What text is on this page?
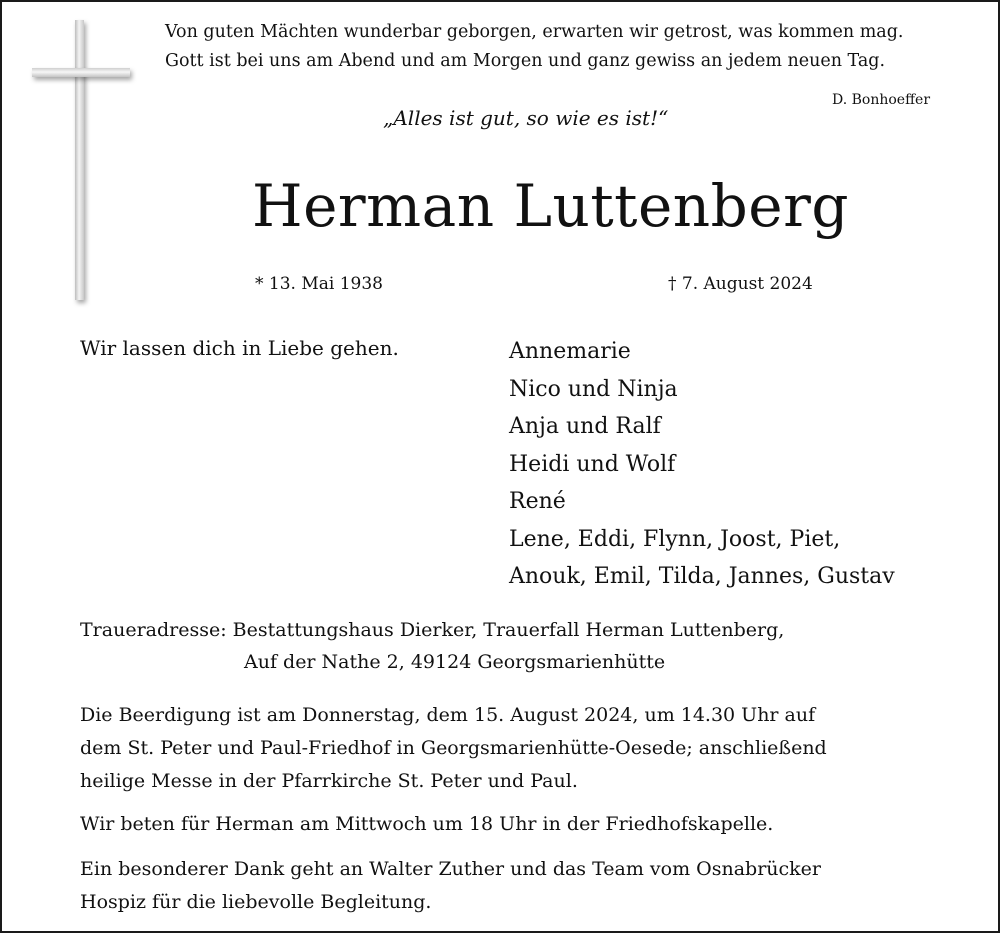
Von guten Mächten wunderbar geborgen, erwarten wir getrost, was kommen mag.
Gott ist bei uns am Abend und am Morgen und ganz gewiss an jedem neuen Tag.
D. Bonhoeffer
„Alles ist gut, so wie es ist!“
Herman Luttenberg
* 13. Mai 1938	† 7. August 2024
Wir lassen dich in Liebe gehen.	Annemarie
Nico und Ninja
Anja und Ralf
Heidi und Wolf
René
Lene, Eddi, Flynn, Joost, Piet,
Anouk, Emil, Tilda, Jannes, Gustav
Traueradresse: Bestattungshaus Dierker, Trauerfall Herman Luttenberg,
Auf der Nathe 2, 49124 Georgsmarienhütte
Die Beerdigung ist am Donnerstag, dem 15. August 2024, um 14.30 Uhr auf
dem St. Peter und Paul-Friedhof in Georgsmarienhütte-Oesede; anschließend
heilige Messe in der Pfarrkirche St. Peter und Paul.
Wir beten für Herman am Mittwoch um 18 Uhr in der Friedhofskapelle.
Ein besonderer Dank geht an Walter Zuther und das Team vom Osnabrücker
Hospiz für die liebevolle Begleitung.
